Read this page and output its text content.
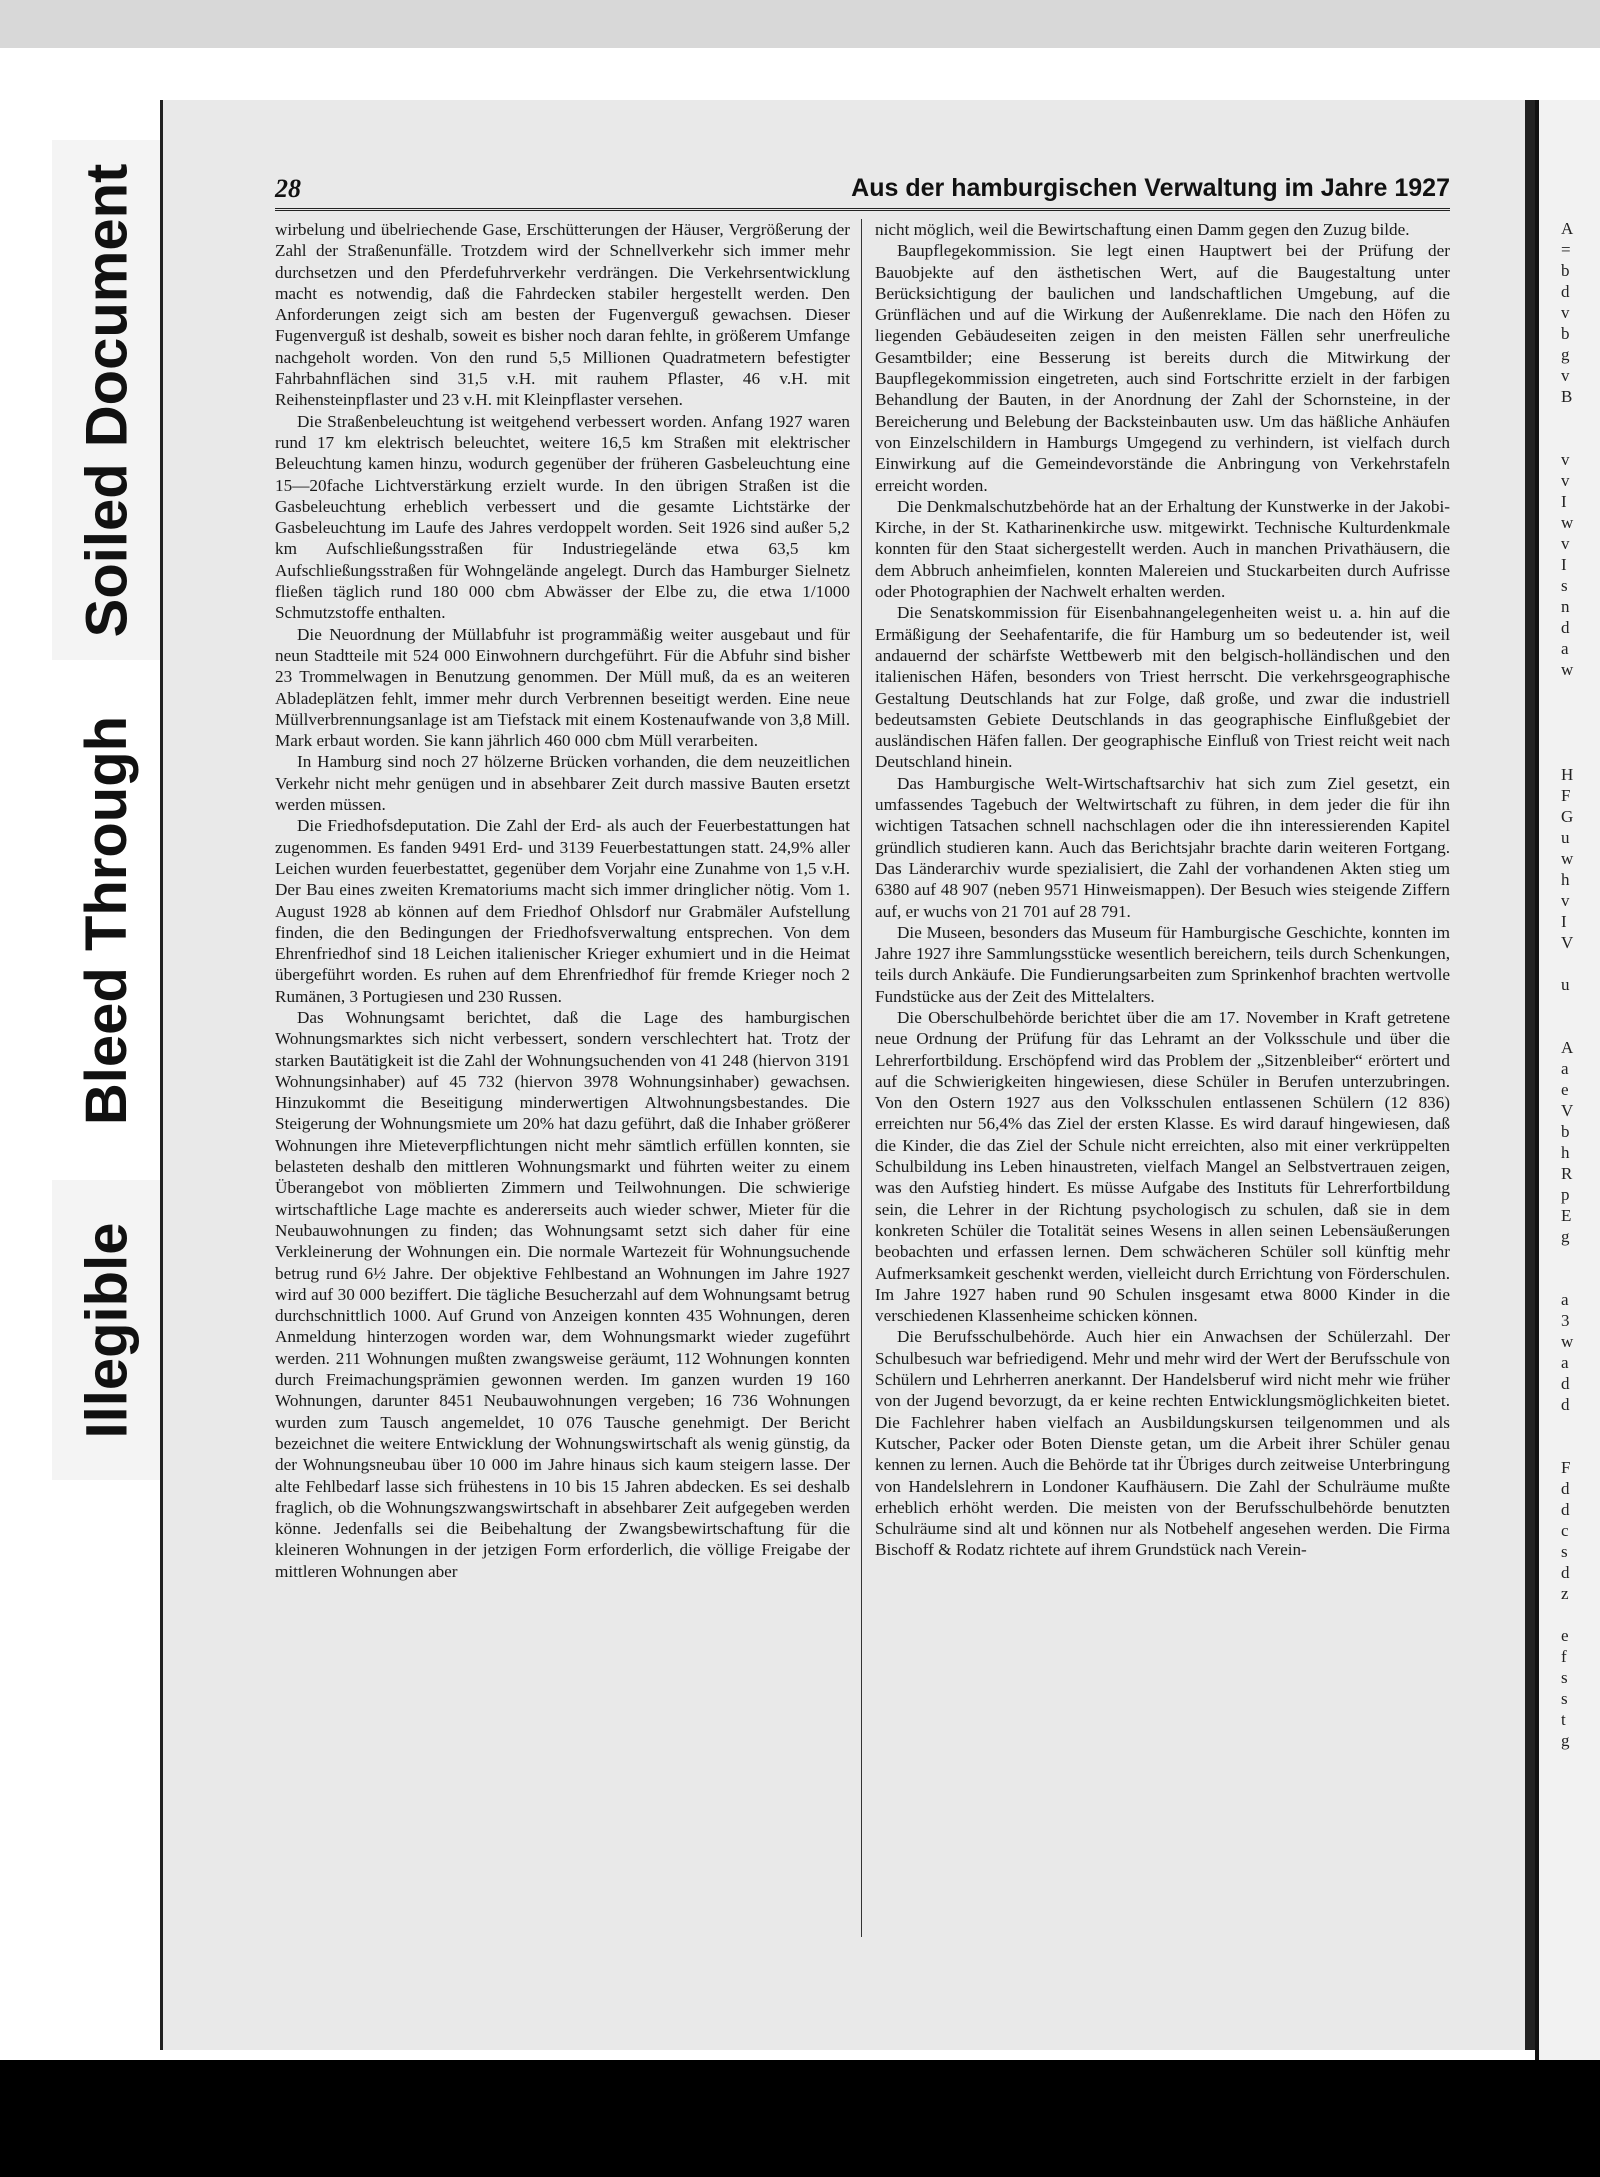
Soiled Document
Bleed Through
Illegible
A
=
b
d
v
b
g
v
B

v
v
I
w
v
I
s
n
d
a
w

H
F
G
u
w
h
v
I
V

u

A
a
e
V
b
h
R
p
E
g

a
3
w
a
d
d

F
d
d
c
s
d
z

e
f
s
s
t
g
28	Aus der hamburgischen Verwaltung im Jahre 1927

wirbelung und übelriechende Gase, Erschütterungen der Häuser, Vergrößerung der Zahl der Straßenunfälle. Trotzdem wird der Schnellverkehr sich immer mehr durchsetzen und den Pferdefuhrverkehr verdrängen. Die Verkehrsentwicklung macht es notwendig, daß die Fahrdecken stabiler hergestellt werden. Den Anforderungen zeigt sich am besten der Fugenverguß gewachsen. Dieser Fugenverguß ist deshalb, soweit es bisher noch daran fehlte, in größerem Umfange nachgeholt worden. Von den rund 5,5 Millionen Quadratmetern befestigter Fahrbahnflächen sind 31,5 v.H. mit rauhem Pflaster, 46 v.H. mit Reihensteinpflaster und 23 v.H. mit Kleinpflaster versehen.

Die Straßenbeleuchtung ist weitgehend verbessert worden. Anfang 1927 waren rund 17 km elektrisch beleuchtet, weitere 16,5 km Straßen mit elektrischer Beleuchtung kamen hinzu, wodurch gegenüber der früheren Gasbeleuchtung eine 15—20fache Lichtverstärkung erzielt wurde. In den übrigen Straßen ist die Gasbeleuchtung erheblich verbessert und die gesamte Lichtstärke der Gasbeleuchtung im Laufe des Jahres verdoppelt worden. Seit 1926 sind außer 5,2 km Aufschließungsstraßen für Industriegelände etwa 63,5 km Aufschließungsstraßen für Wohngelände angelegt. Durch das Hamburger Sielnetz fließen täglich rund 180 000 cbm Abwässer der Elbe zu, die etwa 1/1000 Schmutzstoffe enthalten.

Die Neuordnung der Müllabfuhr ist programmäßig weiter ausgebaut und für neun Stadtteile mit 524 000 Einwohnern durchgeführt. Für die Abfuhr sind bisher 23 Trommelwagen in Benutzung genommen. Der Müll muß, da es an weiteren Abladeplätzen fehlt, immer mehr durch Verbrennen beseitigt werden. Eine neue Müllverbrennungsanlage ist am Tiefstack mit einem Kostenaufwande von 3,8 Mill. Mark erbaut worden. Sie kann jährlich 460 000 cbm Müll verarbeiten.

In Hamburg sind noch 27 hölzerne Brücken vorhanden, die dem neuzeitlichen Verkehr nicht mehr genügen und in absehbarer Zeit durch massive Bauten ersetzt werden müssen.

Die Friedhofsdeputation. Die Zahl der Erd- als auch der Feuerbestattungen hat zugenommen. Es fanden 9491 Erd- und 3139 Feuerbestattungen statt. 24,9% aller Leichen wurden feuerbestattet, gegenüber dem Vorjahr eine Zunahme von 1,5 v.H. Der Bau eines zweiten Krematoriums macht sich immer dringlicher nötig. Vom 1. August 1928 ab können auf dem Friedhof Ohlsdorf nur Grabmäler Aufstellung finden, die den Bedingungen der Friedhofsverwaltung entsprechen. Von dem Ehrenfriedhof sind 18 Leichen italienischer Krieger exhumiert und in die Heimat übergeführt worden. Es ruhen auf dem Ehrenfriedhof für fremde Krieger noch 2 Rumänen, 3 Portugiesen und 230 Russen.

Das Wohnungsamt berichtet, daß die Lage des hamburgischen Wohnungsmarktes sich nicht verbessert, sondern verschlechtert hat. Trotz der starken Bautätigkeit ist die Zahl der Wohnungsuchenden von 41 248 (hiervon 3191 Wohnungsinhaber) auf 45 732 (hiervon 3978 Wohnungsinhaber) gewachsen. Hinzukommt die Beseitigung minderwertigen Altwohnungsbestandes. Die Steigerung der Wohnungsmiete um 20% hat dazu geführt, daß die Inhaber größerer Wohnungen ihre Mieteverpflichtungen nicht mehr sämtlich erfüllen konnten, sie belasteten deshalb den mittleren Wohnungsmarkt und führten weiter zu einem Überangebot von möblierten Zimmern und Teilwohnungen. Die schwierige wirtschaftliche Lage machte es andererseits auch wieder schwer, Mieter für die Neubauwohnungen zu finden; das Wohnungsamt setzt sich daher für eine Verkleinerung der Wohnungen ein. Die normale Wartezeit für Wohnungsuchende betrug rund 6½ Jahre. Der objektive Fehlbestand an Wohnungen im Jahre 1927 wird auf 30 000 beziffert. Die tägliche Besucherzahl auf dem Wohnungsamt betrug durchschnittlich 1000. Auf Grund von Anzeigen konnten 435 Wohnungen, deren Anmeldung hinterzogen worden war, dem Wohnungsmarkt wieder zugeführt werden. 211 Wohnungen mußten zwangsweise geräumt, 112 Wohnungen konnten durch Freimachungsprämien gewonnen werden. Im ganzen wurden 19 160 Wohnungen, darunter 8451 Neubauwohnungen vergeben; 16 736 Wohnungen wurden zum Tausch angemeldet, 10 076 Tausche genehmigt. Der Bericht bezeichnet die weitere Entwicklung der Wohnungswirtschaft als wenig günstig, da der Wohnungsneubau über 10 000 im Jahre hinaus sich kaum steigern lasse. Der alte Fehlbedarf lasse sich frühestens in 10 bis 15 Jahren abdecken. Es sei deshalb fraglich, ob die Wohnungszwangswirtschaft in absehbarer Zeit aufgegeben werden könne. Jedenfalls sei die Beibehaltung der Zwangsbewirtschaftung für die kleineren Wohnungen in der jetzigen Form erforderlich, die völlige Freigabe der mittleren Wohnungen aber

nicht möglich, weil die Bewirtschaftung einen Damm gegen den Zuzug bilde.

Baupflegekommission. Sie legt einen Hauptwert bei der Prüfung der Bauobjekte auf den ästhetischen Wert, auf die Baugestaltung unter Berücksichtigung der baulichen und landschaftlichen Umgebung, auf die Grünflächen und auf die Wirkung der Außenreklame. Die nach den Höfen zu liegenden Gebäudeseiten zeigen in den meisten Fällen sehr unerfreuliche Gesamtbilder; eine Besserung ist bereits durch die Mitwirkung der Baupflegekommission eingetreten, auch sind Fortschritte erzielt in der farbigen Behandlung der Bauten, in der Anordnung der Zahl der Schornsteine, in der Bereicherung und Belebung der Backsteinbauten usw. Um das häßliche Anhäufen von Einzelschildern in Hamburgs Umgegend zu verhindern, ist vielfach durch Einwirkung auf die Gemeindevorstände die Anbringung von Verkehrstafeln erreicht worden.

Die Denkmalschutzbehörde hat an der Erhaltung der Kunstwerke in der Jakobi-Kirche, in der St. Katharinenkirche usw. mitgewirkt. Technische Kulturdenkmale konnten für den Staat sichergestellt werden. Auch in manchen Privathäusern, die dem Abbruch anheimfielen, konnten Malereien und Stuckarbeiten durch Aufrisse oder Photographien der Nachwelt erhalten werden.

Die Senatskommission für Eisenbahnangelegenheiten weist u. a. hin auf die Ermäßigung der Seehafentarife, die für Hamburg um so bedeutender ist, weil andauernd der schärfste Wettbewerb mit den belgisch-holländischen und den italienischen Häfen, besonders von Triest herrscht. Die verkehrsgeographische Gestaltung Deutschlands hat zur Folge, daß große, und zwar die industriell bedeutsamsten Gebiete Deutschlands in das geographische Einflußgebiet der ausländischen Häfen fallen. Der geographische Einfluß von Triest reicht weit nach Deutschland hinein.

Das Hamburgische Welt-Wirtschaftsarchiv hat sich zum Ziel gesetzt, ein umfassendes Tagebuch der Weltwirtschaft zu führen, in dem jeder die für ihn wichtigen Tatsachen schnell nachschlagen oder die ihn interessierenden Kapitel gründlich studieren kann. Auch das Berichtsjahr brachte darin weiteren Fortgang. Das Länderarchiv wurde spezialisiert, die Zahl der vorhandenen Akten stieg um 6380 auf 48 907 (neben 9571 Hinweismappen). Der Besuch wies steigende Ziffern auf, er wuchs von 21 701 auf 28 791.

Die Museen, besonders das Museum für Hamburgische Geschichte, konnten im Jahre 1927 ihre Sammlungsstücke wesentlich bereichern, teils durch Schenkungen, teils durch Ankäufe. Die Fundierungsarbeiten zum Sprinkenhof brachten wertvolle Fundstücke aus der Zeit des Mittelalters.

Die Oberschulbehörde berichtet über die am 17. November in Kraft getretene neue Ordnung der Prüfung für das Lehramt an der Volksschule und über die Lehrerfortbildung. Erschöpfend wird das Problem der „Sitzenbleiber“ erörtert und auf die Schwierigkeiten hingewiesen, diese Schüler in Berufen unterzubringen. Von den Ostern 1927 aus den Volksschulen entlassenen Schülern (12 836) erreichten nur 56,4% das Ziel der ersten Klasse. Es wird darauf hingewiesen, daß die Kinder, die das Ziel der Schule nicht erreichten, also mit einer verkrüppelten Schulbildung ins Leben hinaustreten, vielfach Mangel an Selbstvertrauen zeigen, was den Aufstieg hindert. Es müsse Aufgabe des Instituts für Lehrerfortbildung sein, die Lehrer in der Richtung psychologisch zu schulen, daß sie in dem konkreten Schüler die Totalität seines Wesens in allen seinen Lebensäußerungen beobachten und erfassen lernen. Dem schwächeren Schüler soll künftig mehr Aufmerksamkeit geschenkt werden, vielleicht durch Errichtung von Förderschulen. Im Jahre 1927 haben rund 90 Schulen insgesamt etwa 8000 Kinder in die verschiedenen Klassenheime schicken können.

Die Berufsschulbehörde. Auch hier ein Anwachsen der Schülerzahl. Der Schulbesuch war befriedigend. Mehr und mehr wird der Wert der Berufsschule von Schülern und Lehrherren anerkannt. Der Handelsberuf wird nicht mehr wie früher von der Jugend bevorzugt, da er keine rechten Entwicklungsmöglichkeiten bietet. Die Fachlehrer haben vielfach an Ausbildungskursen teilgenommen und als Kutscher, Packer oder Boten Dienste getan, um die Arbeit ihrer Schüler genau kennen zu lernen. Auch die Behörde tat ihr Übriges durch zeitweise Unterbringung von Handelslehrern in Londoner Kaufhäusern. Die Zahl der Schulräume mußte erheblich erhöht werden. Die meisten von der Berufsschulbehörde benutzten Schulräume sind alt und können nur als Notbehelf angesehen werden. Die Firma Bischoff & Rodatz richtete auf ihrem Grundstück nach Verein-
